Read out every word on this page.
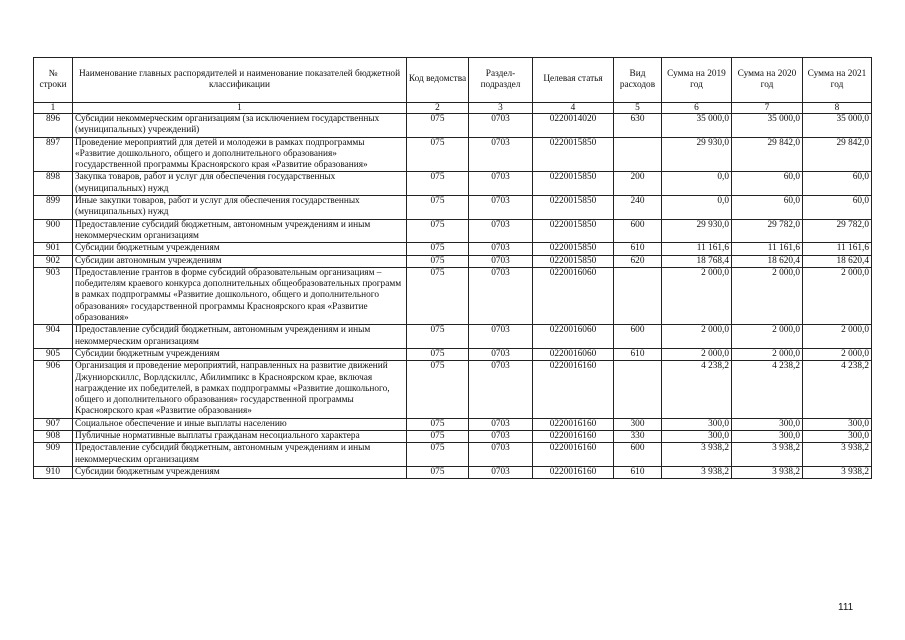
№ строки	Наименование главных распорядителей и наименование показателей бюджетной классификации	Код ведомства	Раздел-подраздел	Целевая статья	Вид расходов	Сумма на 2019 год	Сумма на 2020 год	Сумма на 2021 год
1	1	2	3	4	5	6	7	8
896	Субсидии некоммерческим организациям (за исключением государственных (муниципальных) учреждений)	075	0703	0220014020	630	35 000,0	35 000,0	35 000,0
897	Проведение мероприятий для детей и молодежи в рамках подпрограммы «Развитие дошкольного, общего и дополнительного образования» государственной программы Красноярского края «Развитие образования»	075	0703	0220015850		29 930,0	29 842,0	29 842,0
898	Закупка товаров, работ и услуг для обеспечения государственных (муниципальных) нужд	075	0703	0220015850	200	0,0	60,0	60,0
899	Иные закупки товаров, работ и услуг для обеспечения государственных (муниципальных) нужд	075	0703	0220015850	240	0,0	60,0	60,0
900	Предоставление субсидий бюджетным, автономным учреждениям и иным некоммерческим организациям	075	0703	0220015850	600	29 930,0	29 782,0	29 782,0
901	Субсидии бюджетным учреждениям	075	0703	0220015850	610	11 161,6	11 161,6	11 161,6
902	Субсидии автономным учреждениям	075	0703	0220015850	620	18 768,4	18 620,4	18 620,4
903	Предоставление грантов в форме субсидий образовательным организациям – победителям краевого конкурса дополнительных общеобразовательных программ в рамках подпрограммы «Развитие дошкольного, общего и дополнительного образования» государственной программы Красноярского края «Развитие образования»	075	0703	0220016060		2 000,0	2 000,0	2 000,0
904	Предоставление субсидий бюджетным, автономным учреждениям и иным некоммерческим организациям	075	0703	0220016060	600	2 000,0	2 000,0	2 000,0
905	Субсидии бюджетным учреждениям	075	0703	0220016060	610	2 000,0	2 000,0	2 000,0
906	Организация и проведение мероприятий, направленных на развитие движений Джуниорскиллс, Ворлдскиллс, Абилимпикс в Красноярском крае, включая награждение их победителей, в рамках подпрограммы «Развитие дошкольного, общего и дополнительного образования» государственной программы Красноярского края «Развитие образования»	075	0703	0220016160		4 238,2	4 238,2	4 238,2
907	Социальное обеспечение и иные выплаты населению	075	0703	0220016160	300	300,0	300,0	300,0
908	Публичные нормативные выплаты гражданам несоциального характера	075	0703	0220016160	330	300,0	300,0	300,0
909	Предоставление субсидий бюджетным, автономным учреждениям и иным некоммерческим организациям	075	0703	0220016160	600	3 938,2	3 938,2	3 938,2
910	Субсидии бюджетным учреждениям	075	0703	0220016160	610	3 938,2	3 938,2	3 938,2
111
